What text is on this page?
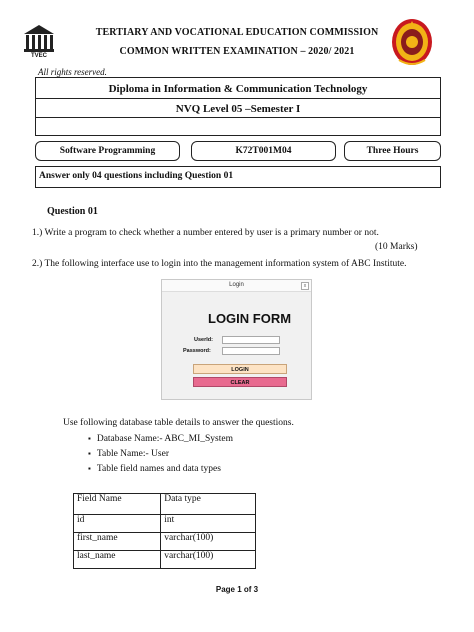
TVEC
TERTIARY AND VOCATIONAL EDUCATION COMMISSION
COMMON WRITTEN EXAMINATION – 2020/ 2021
All rights reserved.
Diploma in Information & Communication Technology
NVQ Level 05 –Semester I
Software Programming	K72T001M04	Three Hours
Answer only 04 questions including Question 01
Question 01
1.) Write a program to check whether a number entered by user is a primary number or not.
(10 Marks)
2.) The following interface use to login into the management information system of ABC Institute.
Login	x
LOGIN FORM
UserId:
Password:
LOGIN
CLEAR
Use following database table details to answer the questions.
▪ Database Name:- ABC_MI_System
▪ Table Name:- User
▪ Table field names and data types
Field Name	Data type
id	int
first_name	varchar(100)
last_name	varchar(100)
Page 1 of 3
